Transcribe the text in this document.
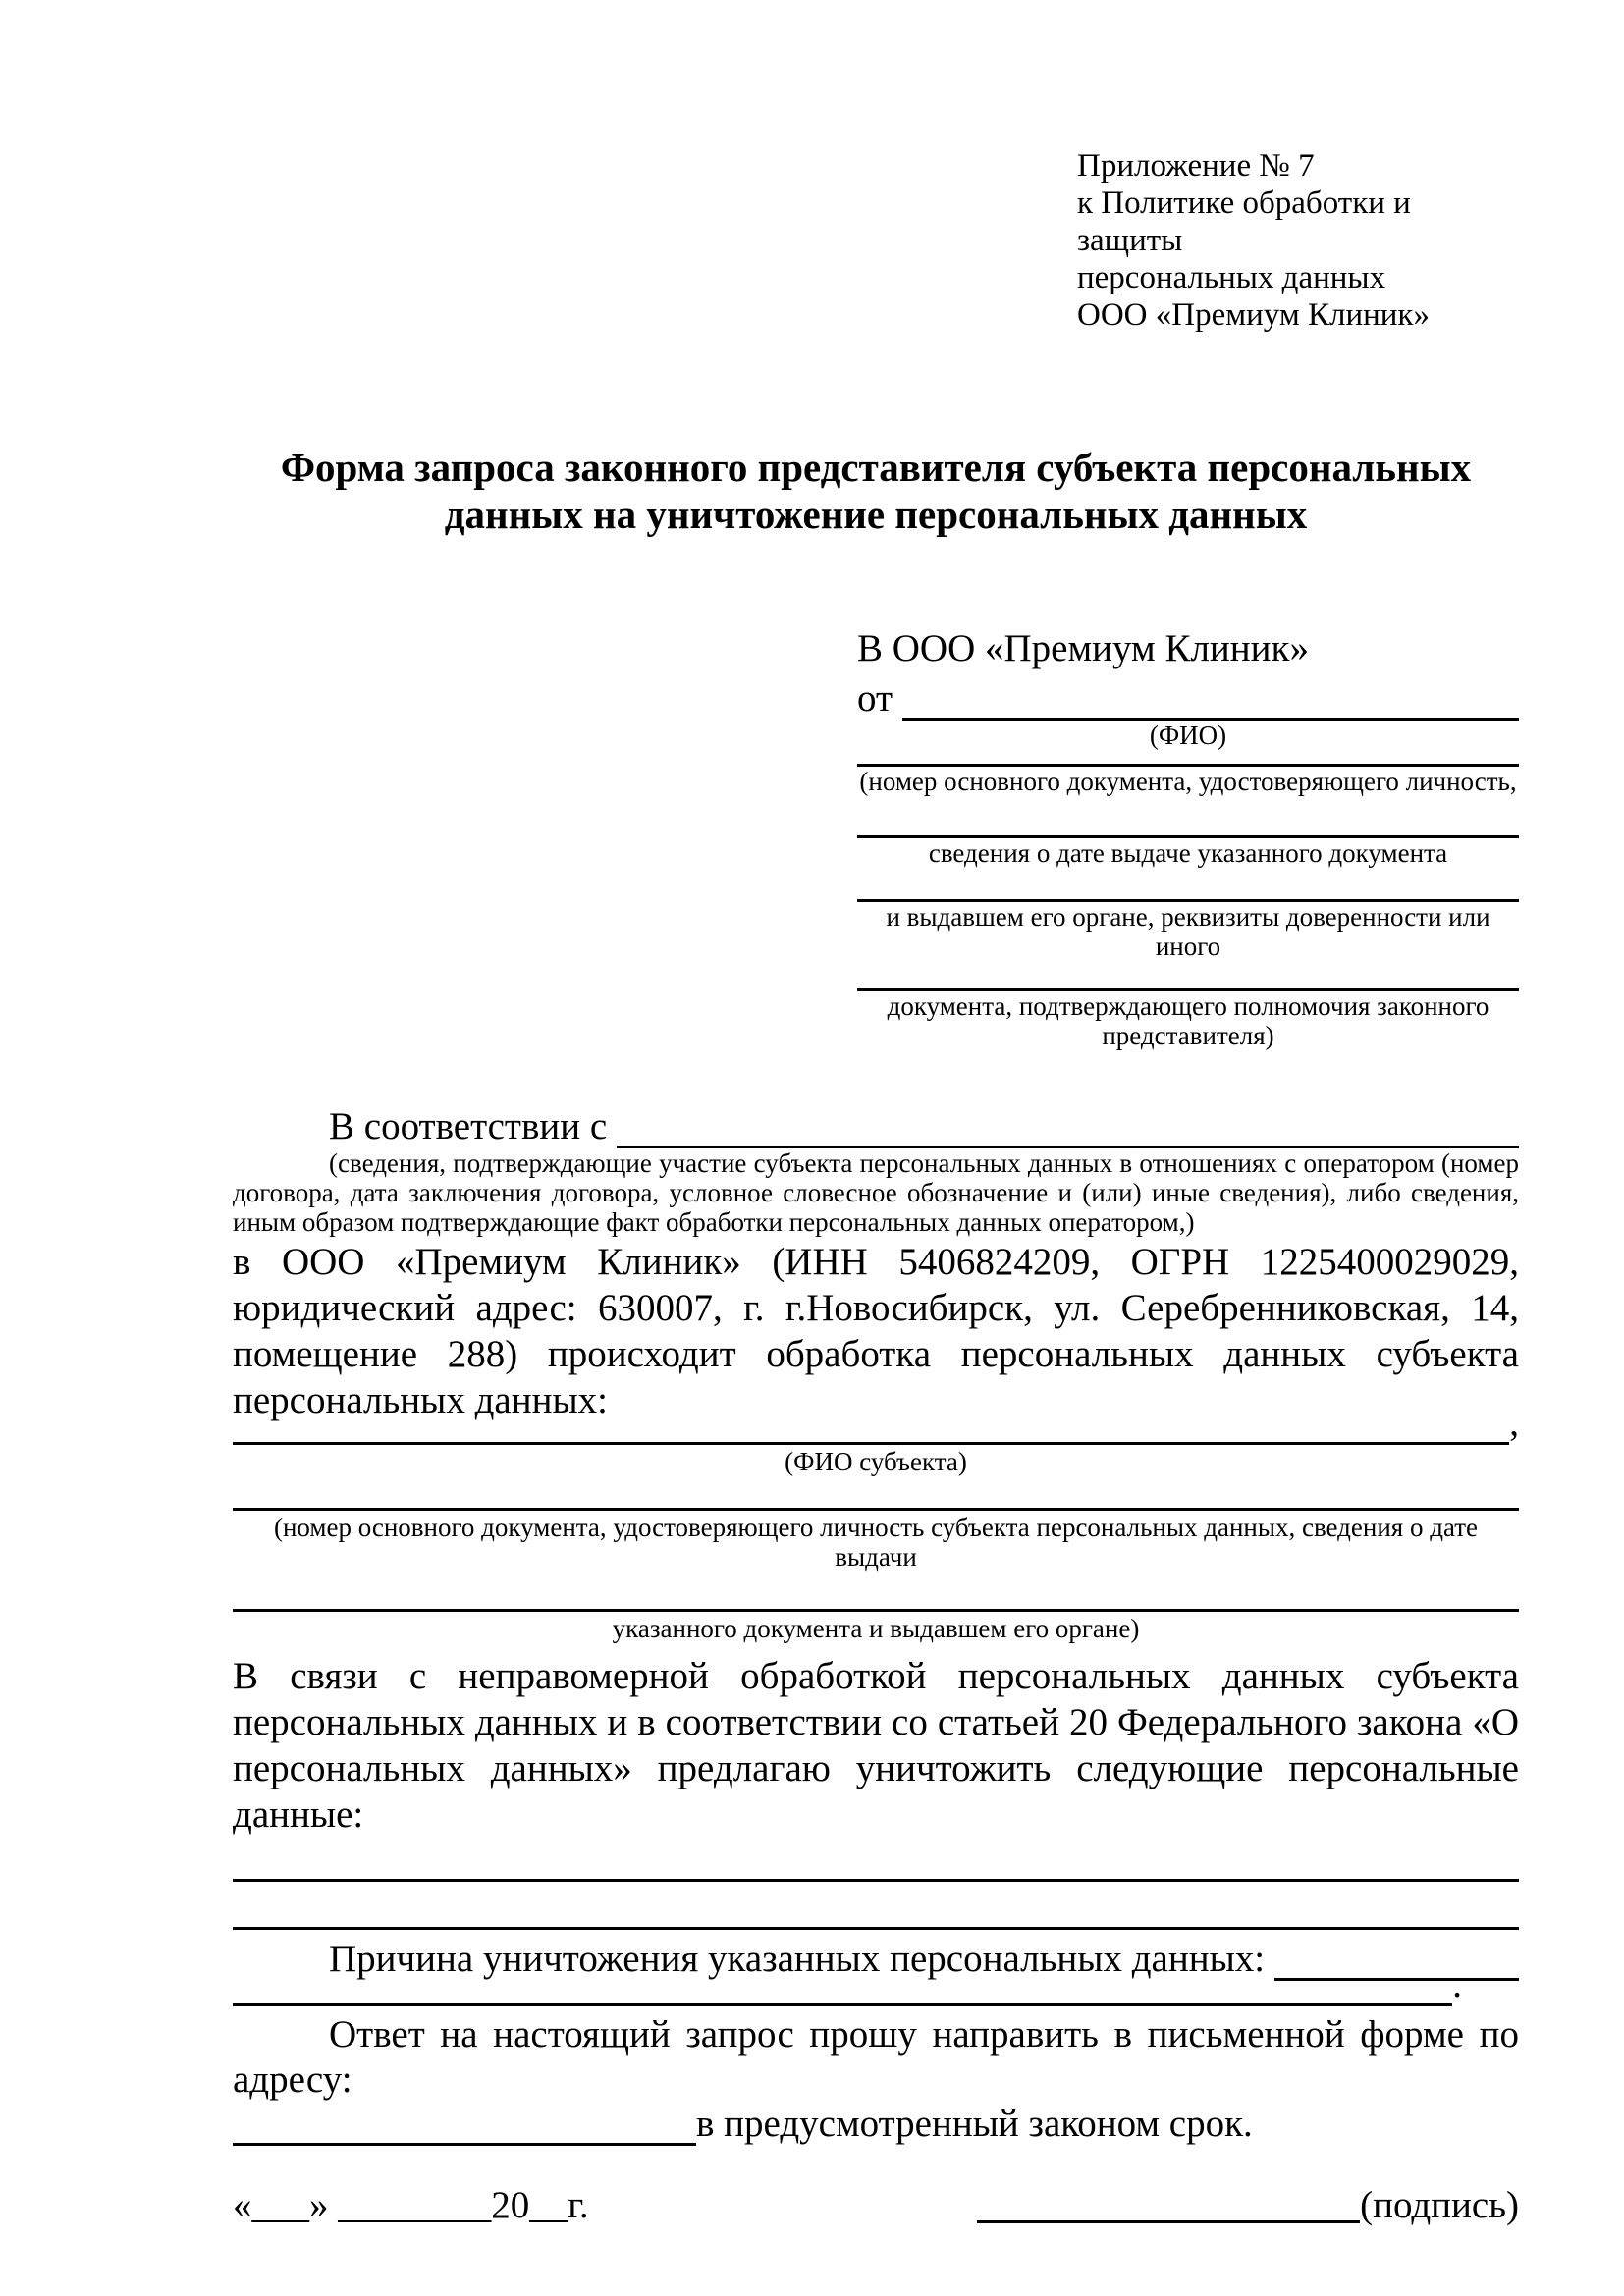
Приложение № 7
к Политике обработки и защиты
персональных данных
ООО «Премиум Клиник»
Форма запроса законного представителя субъекта персональных данных на уничтожение персональных данных
В ООО «Премиум Клиник»
от
(ФИО)
(номер основного документа, удостоверяющего личность,
сведения о дате выдаче указанного документа
и выдавшем его органе, реквизиты доверенности или иного
документа, подтверждающего полномочия законного представителя)
В соответствии с
(сведения, подтверждающие участие субъекта персональных данных в отношениях с оператором (номер договора, дата заключения договора, условное словесное обозначение и (или) иные сведения), либо сведения, иным образом подтверждающие факт обработки персональных данных оператором,)
в ООО «Премиум Клиник» (ИНН 5406824209, ОГРН 1225400029029, юридический адрес: 630007, г. г.Новосибирск, ул. Серебренниковская, 14, помещение 288) происходит обработка персональных данных субъекта персональных данных:
,
(ФИО субъекта)
(номер основного документа, удостоверяющего личность субъекта персональных данных, сведения о дате выдачи
указанного документа и выдавшем его органе)
В связи с неправомерной обработкой персональных данных субъекта персональных данных и в соответствии со статьей 20 Федерального закона «О персональных данных» предлагаю уничтожить следующие персональные данные:
Причина уничтожения указанных персональных данных:
.
Ответ на настоящий запрос прошу направить в письменной форме по адресу:
в предусмотренный законом срок.
«___» ________20__г.	(подпись)
